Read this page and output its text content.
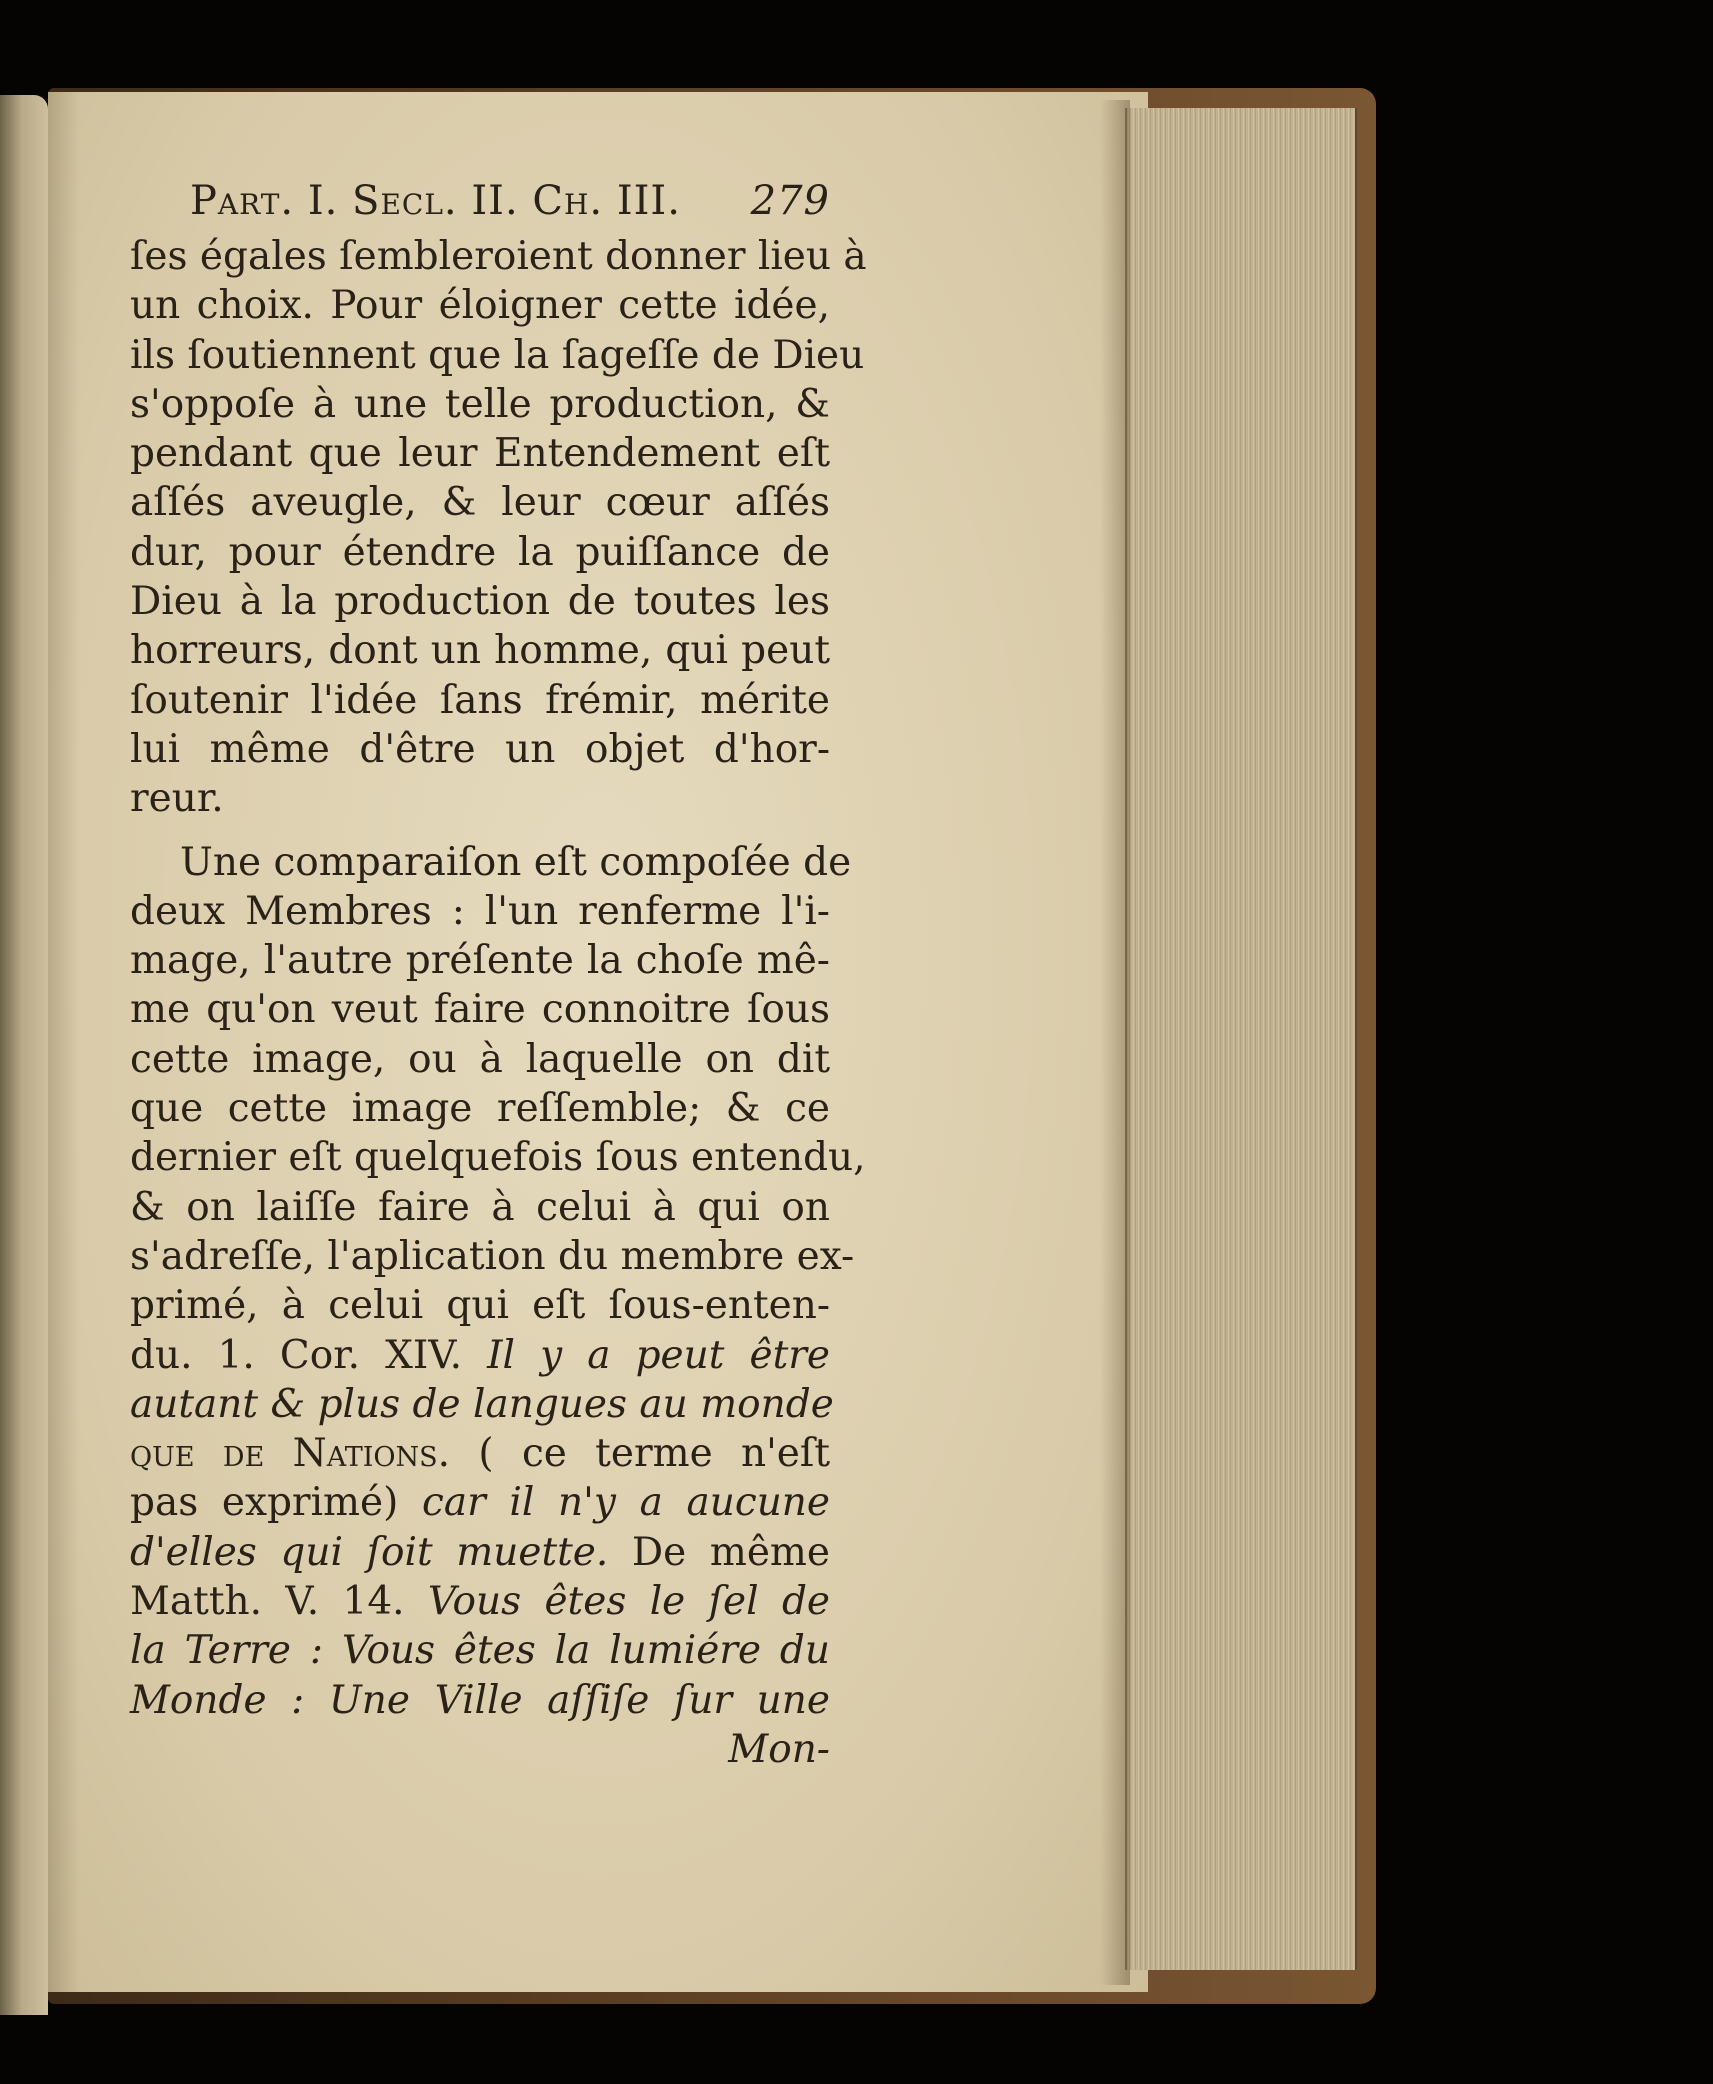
Part. I. Secl. II. Ch. III. 279
ſes égales ſembleroient donner lieu à
un choix. Pour éloigner cette idée,
ils ſoutiennent que la ſageſſe de Dieu
s'oppoſe à une telle production, &
pendant que leur Entendement eſt
aſſés aveugle, & leur cœur aſſés
dur, pour étendre la puiſſance de
Dieu à la production de toutes les
horreurs, dont un homme, qui peut
ſoutenir l'idée ſans frémir, mérite
lui même d'être un objet d'hor-
reur.
Une comparaiſon eſt compoſée de
deux Membres : l'un renferme l'i-
mage, l'autre préſente la choſe mê-
me qu'on veut faire connoitre ſous
cette image, ou à laquelle on dit
que cette image reſſemble; & ce
dernier eſt quelquefois ſous entendu,
& on laiſſe faire à celui à qui on
s'adreſſe, l'aplication du membre ex-
primé, à celui qui eſt ſous-enten-
du. 1. Cor. XIV. Il y a peut être
autant & plus de langues au monde
que de Nations. ( ce terme n'eſt
pas exprimé) car il n'y a aucune
d'elles qui ſoit muette. De même
Matth. V. 14. Vous êtes le ſel de
la Terre : Vous êtes la lumiére du
Monde : Une Ville aſſiſe ſur une
Mon-
